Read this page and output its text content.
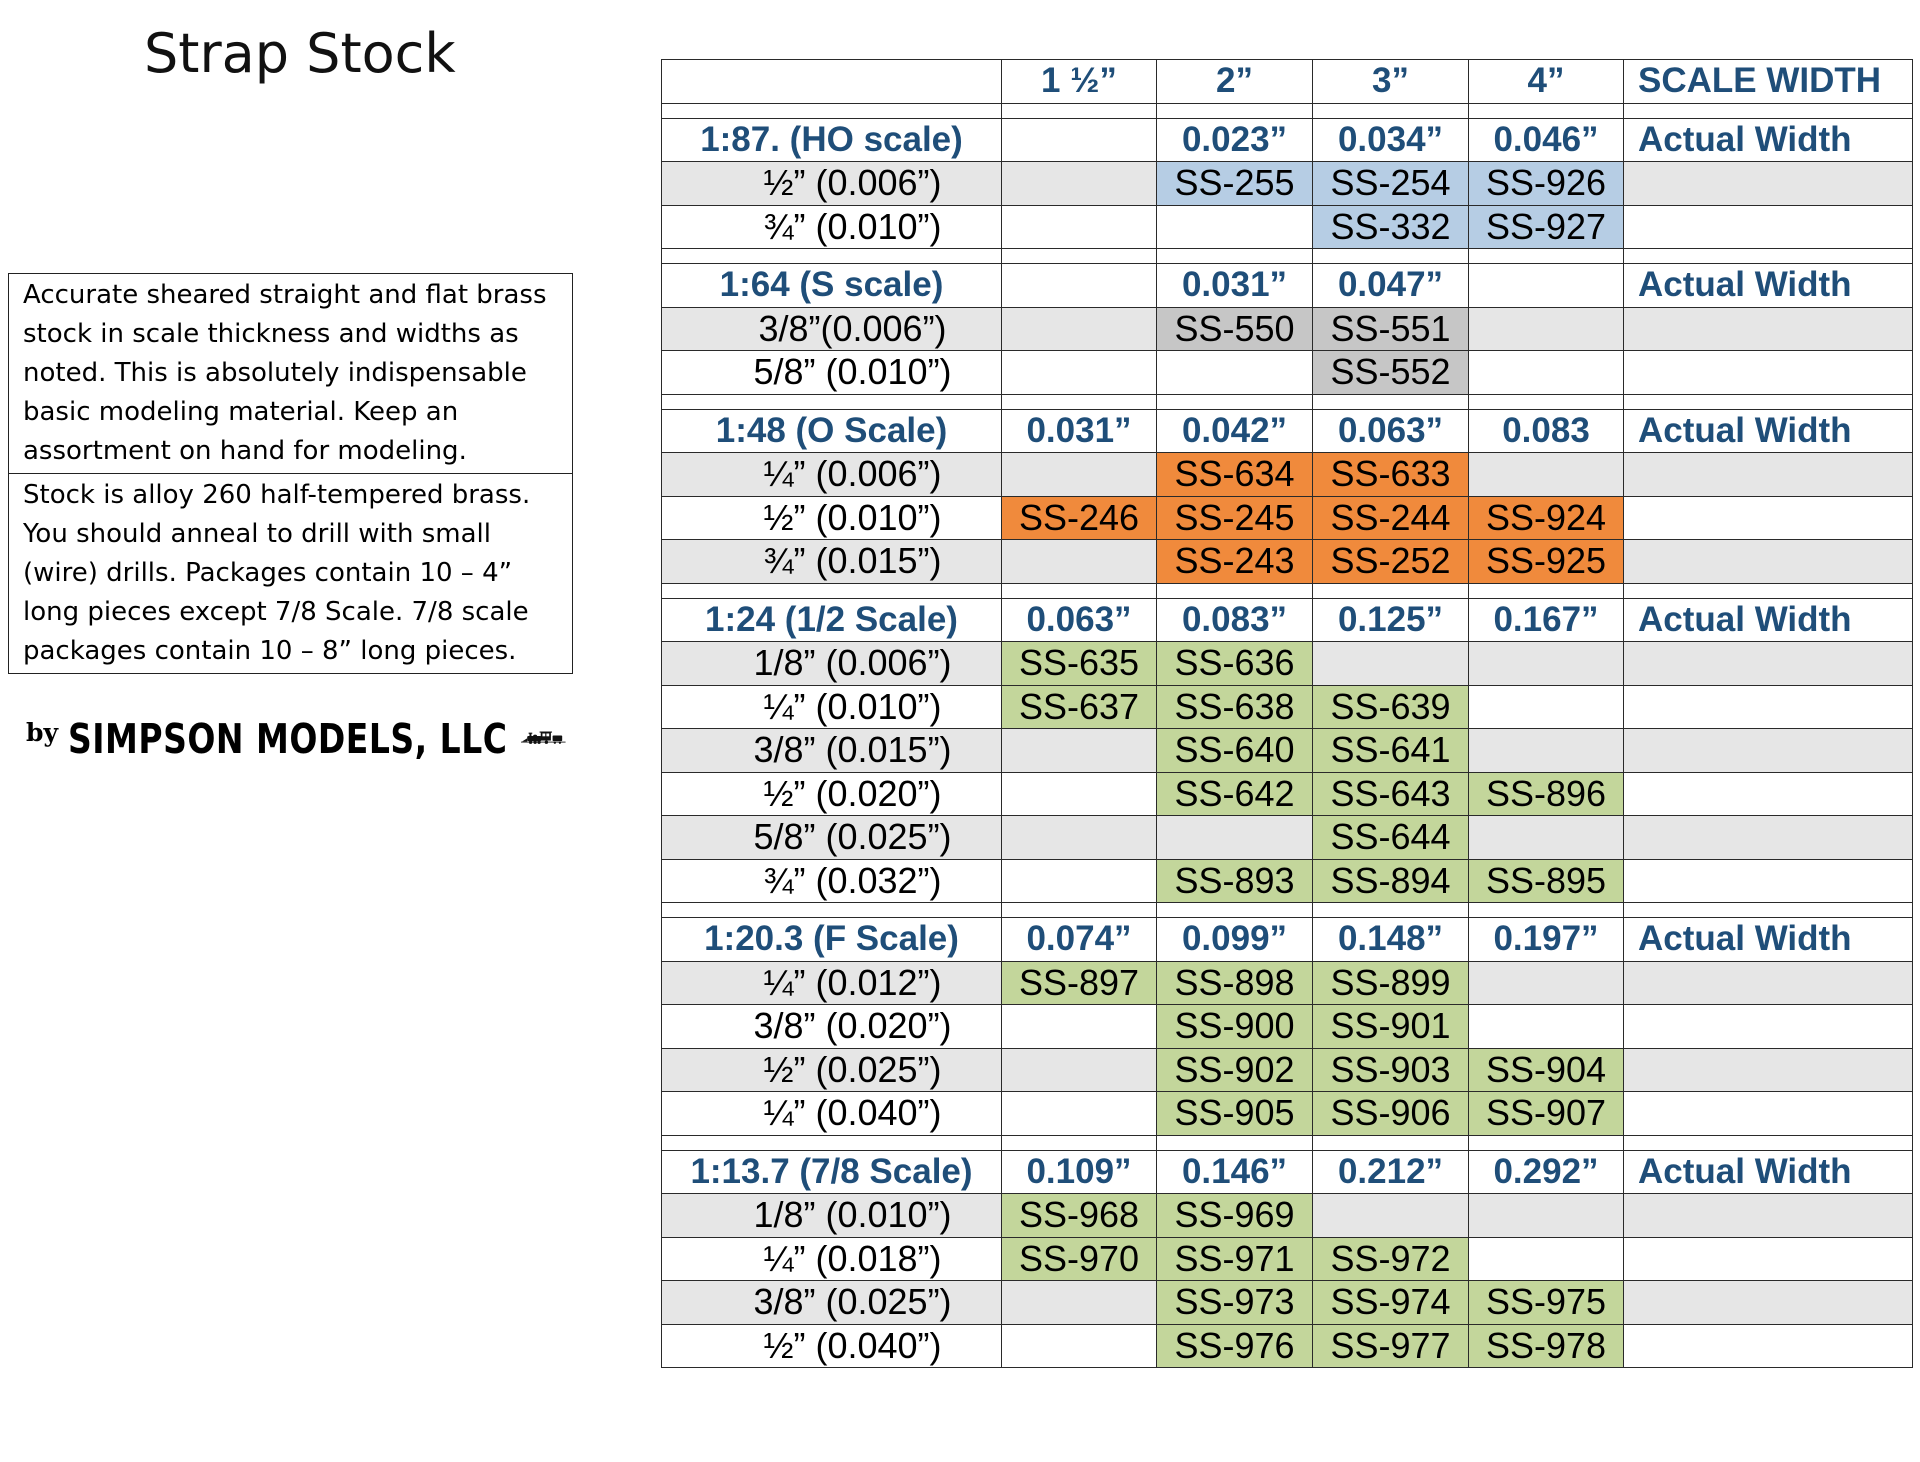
Strap Stock
Accurate sheared straight and flat brass stock in scale thickness and widths as noted. This is absolutely indispensable basic modeling material. Keep an assortment on hand for modeling.
Stock is alloy 260 half-tempered brass. You should anneal to drill with small (wire) drills. Packages contain 10 – 4” long pieces except 7/8 Scale. 7/8 scale packages contain 10 – 8” long pieces.
by SIMPSON MODELS, LLC
	1 ½”	2”	3”	4”	SCALE WIDTH

1:87. (HO scale)		0.023”	0.034”	0.046”	Actual Width
½” (0.006”)		SS-255	SS-254	SS-926	
¾” (0.010”)			SS-332	SS-927	

1:64 (S scale)		0.031”	0.047”		Actual Width
3/8”(0.006”)		SS-550	SS-551		
5/8” (0.010”)			SS-552		

1:48 (O Scale)	0.031”	0.042”	0.063”	0.083	Actual Width
¼” (0.006”)		SS-634	SS-633		
½” (0.010”)	SS-246	SS-245	SS-244	SS-924	
¾” (0.015”)		SS-243	SS-252	SS-925	

1:24 (1/2 Scale)	0.063”	0.083”	0.125”	0.167”	Actual Width
1/8” (0.006”)	SS-635	SS-636			
¼” (0.010”)	SS-637	SS-638	SS-639		
3/8” (0.015”)		SS-640	SS-641		
½” (0.020”)		SS-642	SS-643	SS-896	
5/8” (0.025”)			SS-644		
¾” (0.032”)		SS-893	SS-894	SS-895	

1:20.3 (F Scale)	0.074”	0.099”	0.148”	0.197”	Actual Width
¼” (0.012”)	SS-897	SS-898	SS-899		
3/8” (0.020”)		SS-900	SS-901		
½” (0.025”)		SS-902	SS-903	SS-904	
¼” (0.040”)		SS-905	SS-906	SS-907	

1:13.7 (7/8 Scale)	0.109”	0.146”	0.212”	0.292”	Actual Width
1/8” (0.010”)	SS-968	SS-969			
¼” (0.018”)	SS-970	SS-971	SS-972		
3/8” (0.025”)		SS-973	SS-974	SS-975	
½” (0.040”)		SS-976	SS-977	SS-978	
